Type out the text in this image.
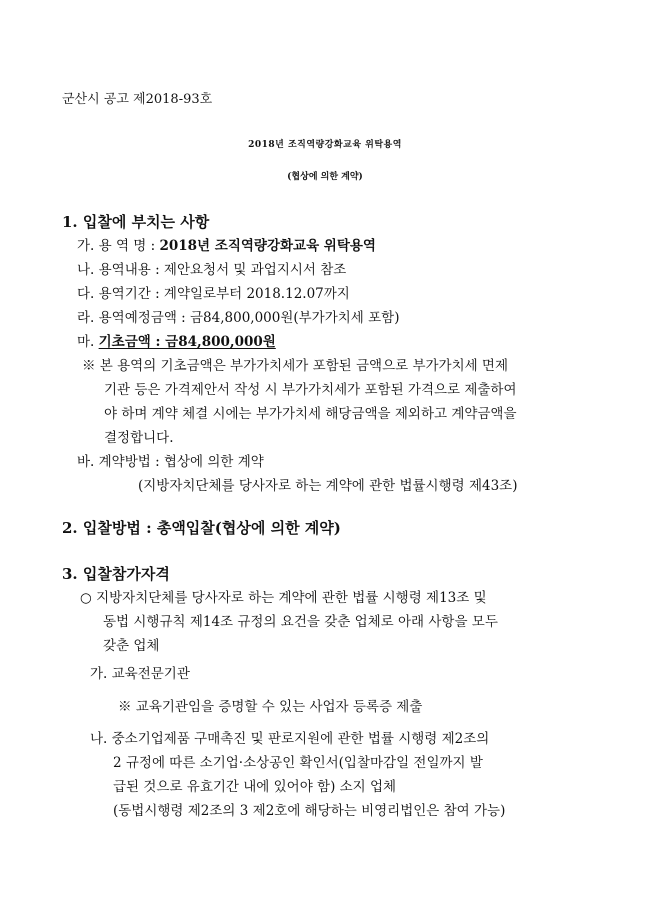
군산시 공고 제2018-93호
2018년 조직역량강화교육 위탁용역
(협상에 의한 계약)
1. 입찰에 부치는 사항
가. 용 역 명 : 2018년 조직역량강화교육 위탁용역
나. 용역내용 : 제안요청서 및 과업지시서 참조
다. 용역기간 : 계약일로부터 2018.12.07까지
라. 용역예정금액 : 금84,800,000원(부가가치세 포함)
마. 기초금액 : 금84,800,000원
※ 본 용역의 기초금액은 부가가치세가 포함된 금액으로 부가가치세 면제
기관 등은 가격제안서 작성 시 부가가치세가 포함된 가격으로 제출하여
야 하며 계약 체결 시에는 부가가치세 해당금액을 제외하고 계약금액을
결정합니다.
바. 계약방법 : 협상에 의한 계약
(지방자치단체를 당사자로 하는 계약에 관한 법률시행령 제43조)
2. 입찰방법 : 총액입찰(협상에 의한 계약)
3. 입찰참가자격
○ 지방자치단체를 당사자로 하는 계약에 관한 법률 시행령 제13조 및
동법 시행규칙 제14조 규정의 요건을 갖춘 업체로 아래 사항을 모두
갖춘 업체
가. 교육전문기관
※ 교육기관임을 증명할 수 있는 사업자 등록증 제출
나. 중소기업제품 구매촉진 및 판로지원에 관한 법률 시행령 제2조의
2 규정에 따른 소기업·소상공인 확인서(입찰마감일 전일까지 발
급된 것으로 유효기간 내에 있어야 함) 소지 업체
(동법시행령 제2조의 3 제2호에 해당하는 비영리법인은 참여 가능)
